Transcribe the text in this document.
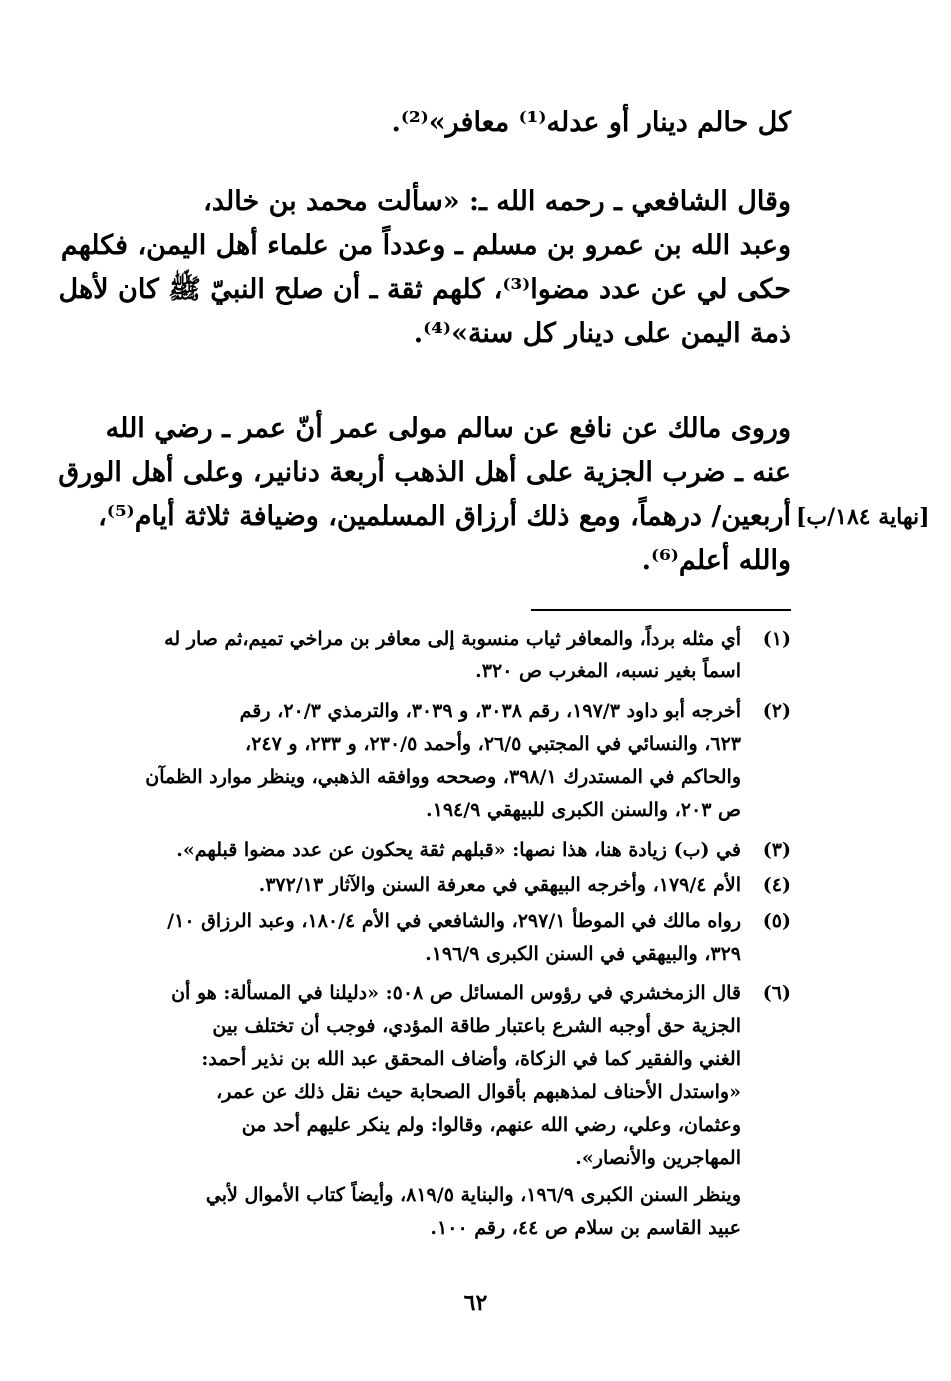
كل حالم دينار أو عدله⁽¹⁾ معافر»⁽²⁾.
وقال الشافعي ـ رحمه الله ـ: «سألت محمد بن خالد،
وعبد الله بن عمرو بن مسلم ـ وعدداً من علماء أهل اليمن، فكلهم
حكى لي عن عدد مضوا⁽³⁾، كلهم ثقة ـ أن صلح النبيّ ﷺ كان لأهل
ذمة اليمن على دينار كل سنة»⁽⁴⁾.
وروى مالك عن نافع عن سالم مولى عمر أنّ عمر ـ رضي الله
عنه ـ ضرب الجزية على أهل الذهب أربعة دنانير، وعلى أهل الورق
أربعين/ درهماً، ومع ذلك أرزاق المسلمين، وضيافة ثلاثة أيام⁽⁵⁾،
والله أعلم⁽⁶⁾.
[نهاية ١٨٤/ب]
(١)
أي مثله برداً، والمعافر ثياب منسوبة إلى معافر بن مراخي تميم،ثم صار له
اسماً بغير نسبه، المغرب ص ٣٢٠.
(٢)
أخرجه أبو داود ١٩٧/٣، رقم ٣٠٣٨، و ٣٠٣٩، والترمذي ٢٠/٣، رقم
٦٢٣، والنسائي في المجتبي ٢٦/٥، وأحمد ٢٣٠/٥، و ٢٣٣، و ٢٤٧،
والحاكم في المستدرك ٣٩٨/١، وصححه ووافقه الذهبي، وينظر موارد الظمآن
ص ٢٠٣، والسنن الكبرى للبيهقي ١٩٤/٩.
(٣)
في (ب) زيادة هنا، هذا نصها: «قبلهم ثقة يحكون عن عدد مضوا قبلهم».
(٤)
الأم ١٧٩/٤، وأخرجه البيهقي في معرفة السنن والآثار ٣٧٢/١٣.
(٥)
رواه مالك في الموطأ ٢٩٧/١، والشافعي في الأم ١٨٠/٤، وعبد الرزاق ١٠/
٣٢٩، والبيهقي في السنن الكبرى ١٩٦/٩.
(٦)
قال الزمخشري في رؤوس المسائل ص ٥٠٨: «دليلنا في المسألة: هو أن
الجزية حق أوجبه الشرع باعتبار طاقة المؤدي، فوجب أن تختلف بين
الغني والفقير كما في الزكاة، وأضاف المحقق عبد الله بن نذير أحمد:
«واستدل الأحناف لمذهبهم بأقوال الصحابة حيث نقل ذلك عن عمر،
وعثمان، وعلي، رضي الله عنهم، وقالوا: ولم ينكر عليهم أحد من
المهاجرين والأنصار».
وينظر السنن الكبرى ١٩٦/٩، والبناية ٨١٩/٥، وأيضاً كتاب الأموال لأبي
عبيد القاسم بن سلام ص ٤٤، رقم ١٠٠.
٦٢
